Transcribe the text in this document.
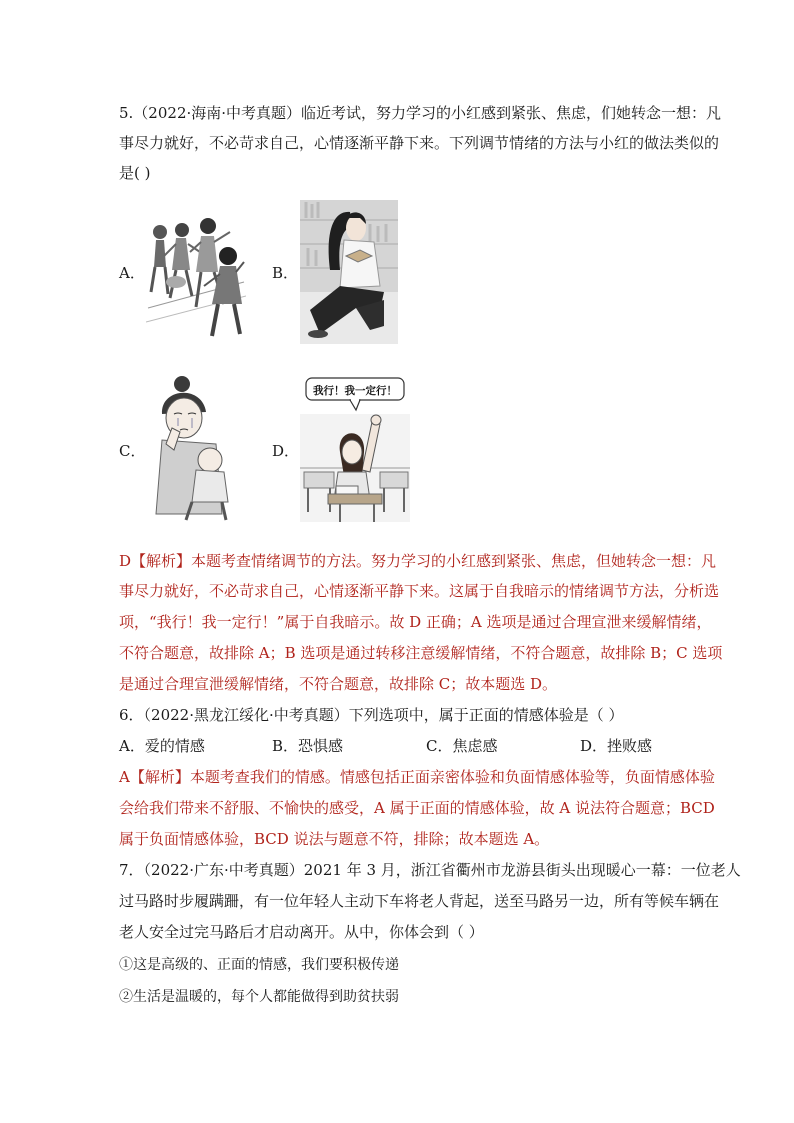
5.（2022·海南·中考真题）临近考试，努力学习的小红感到紧张、焦虑，们她转念一想：凡
事尽力就好，不必苛求自己，心情逐渐平静下来。下列调节情绪的方法与小红的做法类似的
是( )
A．	B．
C．	D．
我行！我一定行！
D【解析】本题考查情绪调节的方法。努力学习的小红感到紧张、焦虑，但她转念一想：凡
事尽力就好，不必苛求自己，心情逐渐平静下来。这属于自我暗示的情绪调节方法，分析选
项，“我行！我一定行！”属于自我暗示。故 D 正确；A 选项是通过合理宣泄来缓解情绪，
不符合题意，故排除 A；B 选项是通过转移注意缓解情绪，不符合题意，故排除 B；C 选项
是通过合理宣泄缓解情绪，不符合题意，故排除 C；故本题选 D。
6．（2022·黑龙江绥化·中考真题）下列选项中，属于正面的情感体验是（ ）
A．爱的情感	B．恐惧感	C．焦虑感	D．挫败感
A【解析】本题考查我们的情感。情感包括正面亲密体验和负面情感体验等，负面情感体验
会给我们带来不舒服、不愉快的感受，A 属于正面的情感体验，故 A 说法符合题意；BCD
属于负面情感体验，BCD 说法与题意不符，排除；故本题选 A。
7．（2022·广东·中考真题）2021 年 3 月，浙江省衢州市龙游县街头出现暖心一幕：一位老人
过马路时步履蹒跚，有一位年轻人主动下车将老人背起，送至马路另一边，所有等候车辆在
老人安全过完马路后才启动离开。从中，你体会到（ ）
①这是高级的、正面的情感，我们要积极传递
②生活是温暖的，每个人都能做得到助贫扶弱
